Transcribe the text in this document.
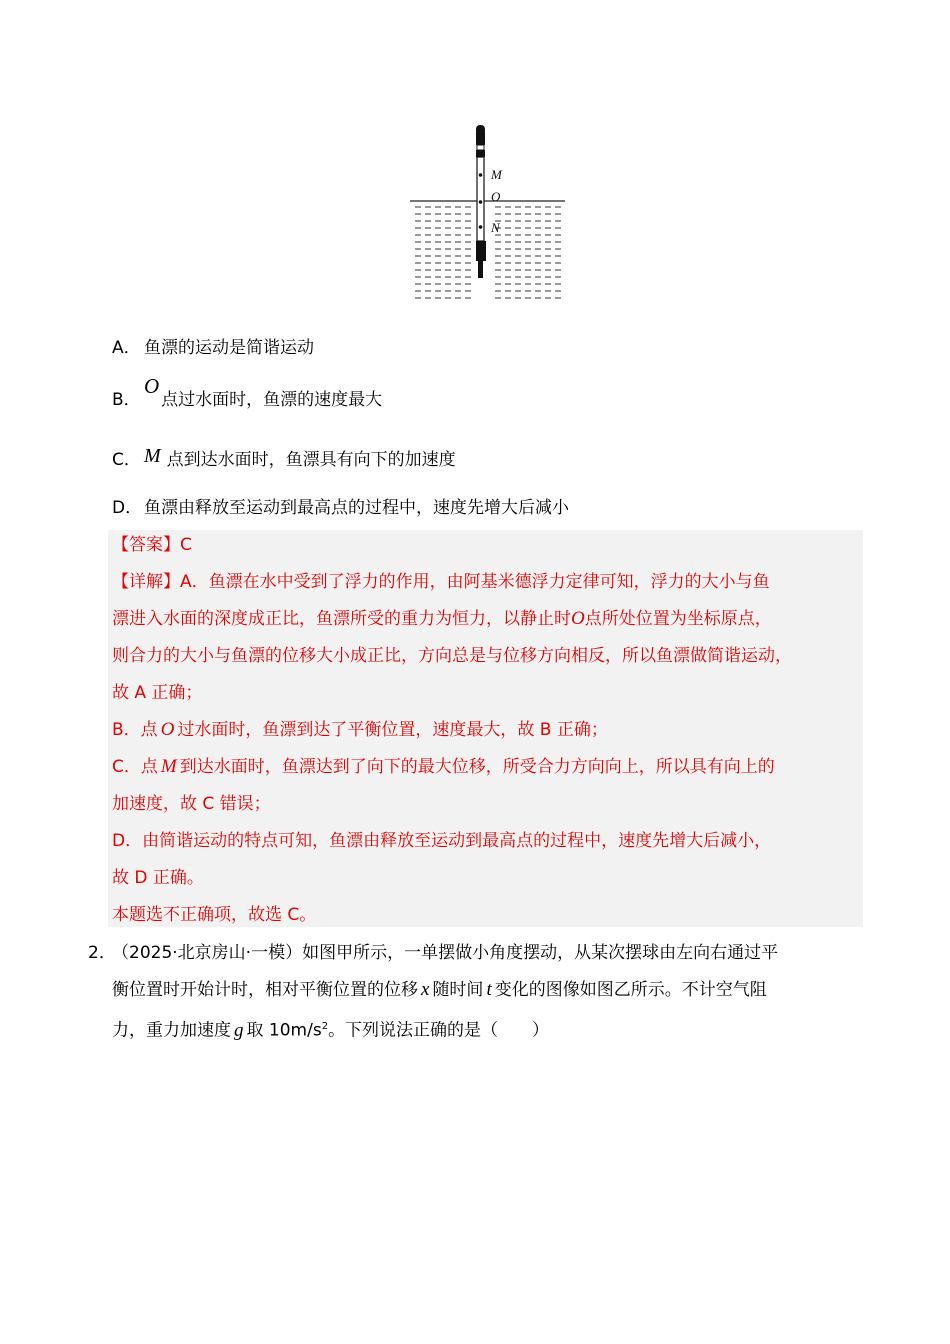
M
O
N
A． 鱼漂的运动是简谐运动
B．O点过水面时，鱼漂的速度最大
C． M 点到达水面时，鱼漂具有向下的加速度
D． 鱼漂由释放至运动到最高点的过程中，速度先增大后减小
【答案】C
【详解】A．鱼漂在水中受到了浮力的作用，由阿基米德浮力定律可知，浮力的大小与鱼
漂进入水面的深度成正比，鱼漂所受的重力为恒力，以静止时O点所处位置为坐标原点，
则合力的大小与鱼漂的位移大小成正比，方向总是与位移方向相反，所以鱼漂做简谐运动，
故 A 正确；
B．点 O 过水面时，鱼漂到达了平衡位置，速度最大，故 B 正确；
C．点 M 到达水面时，鱼漂达到了向下的最大位移，所受合力方向向上，所以具有向上的
加速度，故 C 错误；
D．由简谐运动的特点可知，鱼漂由释放至运动到最高点的过程中，速度先增大后减小，
故 D 正确。
本题选不正确项，故选 C。
2．
（2025·北京房山·一模）如图甲所示，一单摆做小角度摆动，从某次摆球由左向右通过平
衡位置时开始计时，相对平衡位置的位移 x 随时间 t 变化的图像如图乙所示。不计空气阻
力，重力加速度 g 取 $10m/s^2$。下列说法正确的是（　　）
